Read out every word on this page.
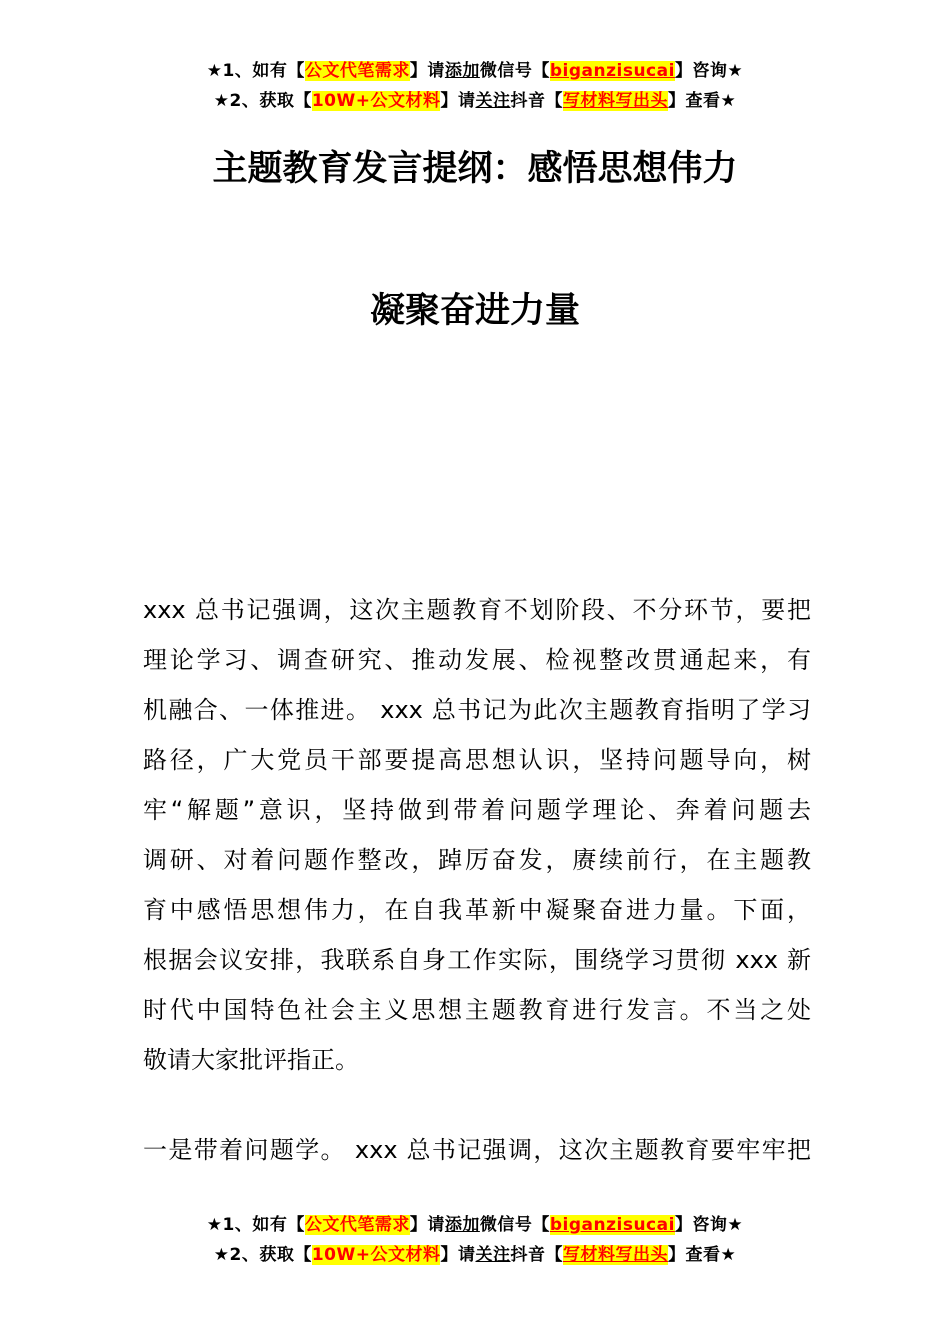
★1、如有【公文代笔需求】请添加微信号【biganzisucai】咨询★
★2、获取【10W+公文材料】请关注抖音【写材料写出头】查看★
主题教育发言提纲：感悟思想伟力
凝聚奋进力量
xxx 总书记强调，这次主题教育不划阶段、不分环节，要把
理论学习、调查研究、推动发展、检视整改贯通起来，有
机融合、一体推进。 xxx 总书记为此次主题教育指明了学习
路径，广大党员干部要提高思想认识，坚持问题导向，树
牢“解题”意识，坚持做到带着问题学理论、奔着问题去
调研、对着问题作整改，踔厉奋发，赓续前行，在主题教
育中感悟思想伟力，在自我革新中凝聚奋进力量。下面，
根据会议安排，我联系自身工作实际，围绕学习贯彻 xxx 新
时代中国特色社会主义思想主题教育进行发言。不当之处
敬请大家批评指正。
一是带着问题学。 xxx 总书记强调，这次主题教育要牢牢把
★1、如有【公文代笔需求】请添加微信号【biganzisucai】咨询★
★2、获取【10W+公文材料】请关注抖音【写材料写出头】查看★
